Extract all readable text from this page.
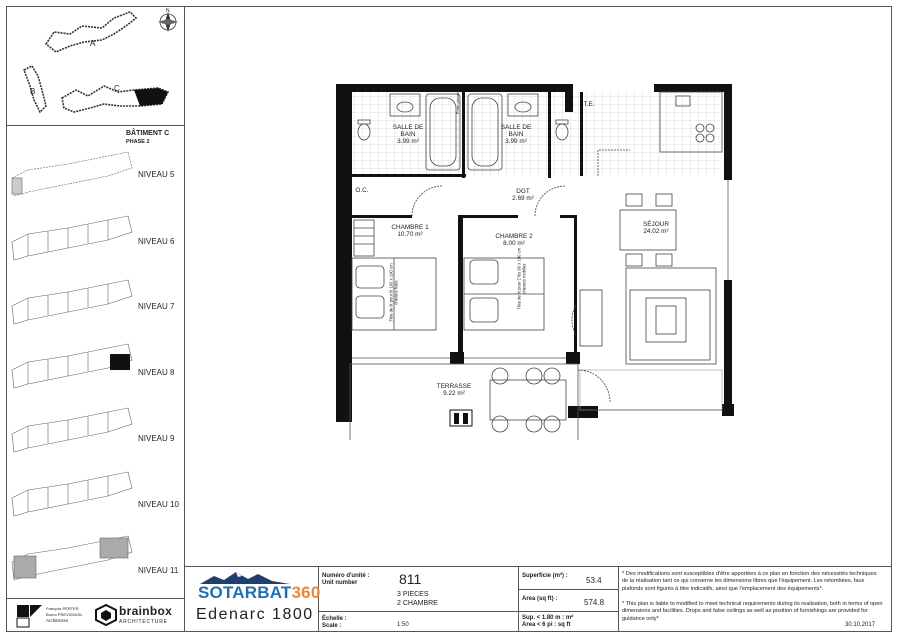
A
B	C
N
BÂTIMENT C
PHASE 2
NIVEAU 5
NIVEAU 6
NIVEAU 7
NIVEAU 8
NIVEAU 9
NIVEAU 10
NIVEAU 11
François PERTER
Bruno PREVIGNON
Architectes
brainbox
ARCHITECTURE
SALLE DE BAIN
3.99 m²
SALLE DE BAIN
3.99 m²
DGT
2.69 m²
CHAMBRE 1
10.70 m²	CHAMBRE 2
8.00 m²
SÉJOUR
24.02 m²
TERRASSE
9.22 m²
O.C.
T.E.
Tête de lit pour lit 160 x 190 cm chevets fixes	Tête de lit pour 2 lits 90 x 190 cm chevets mobiles
Porte placard
SOTARBAT360
Edenarc 1800
Numéro d'unité :
Unit number	811
3 PIECES
2 CHAMBRE
Échelle :
Scale :	1:50
Superficie (m²) : 53.4
Area (sq ft) :	574.8
Sup. < 1.80 m : m²
Area < 6 pi : sq ft
* Des modifications sont susceptibles d'être apportées à ce plan en fonction des nécessités techniques de la réalisation tant ce qui conserne les dimensions libres que l'équipement. Les retombées, faux plafonds sont figurés à titre indicatifs, ainsi que l'emplacement des équipements*.
* This plan is liable to modified to meet technical requirements during its realisation, both in terms of open dimensions and facilities. Drops and false ceilings as well as position of furnishings are provided for guidance only*
30.10.2017
